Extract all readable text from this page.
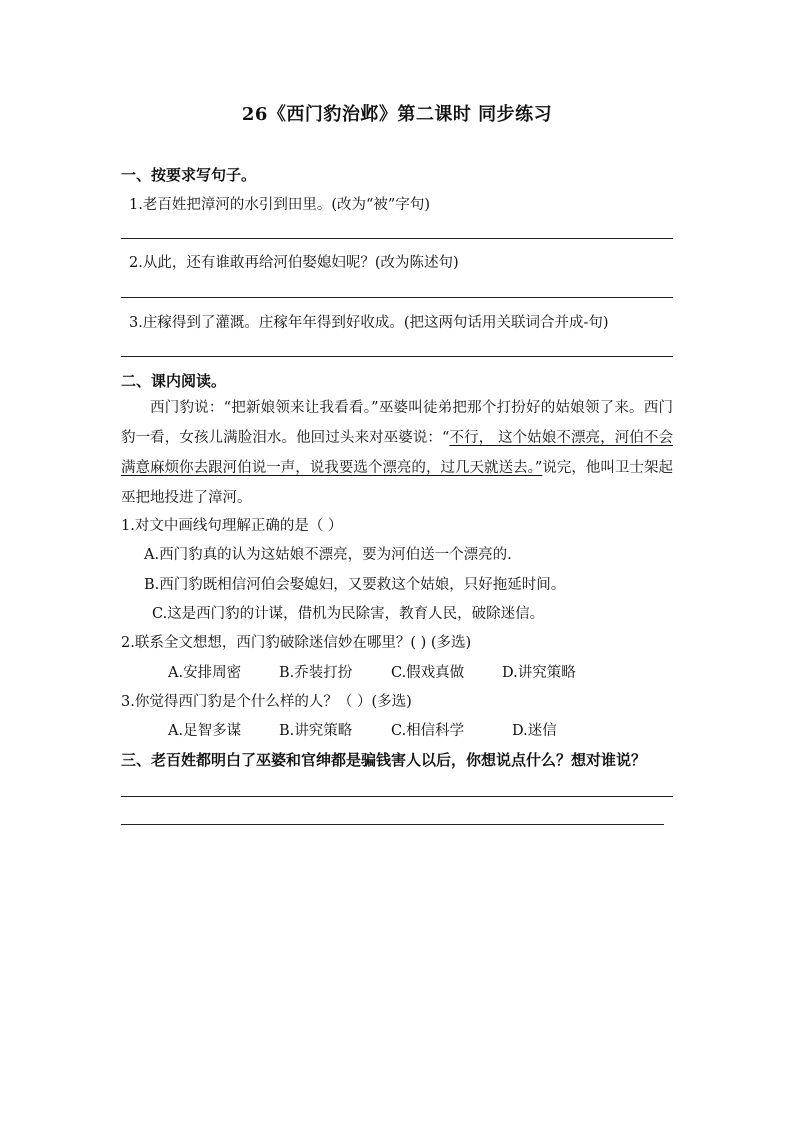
26《西门豹治邺》第二课时 同步练习
一、按要求写句子。
1.老百姓把漳河的水引到田里。(改为“被”字句)
2.从此，还有谁敢再给河伯娶媳妇呢？(改为陈述句)
3.庄稼得到了灌溉。庄稼年年得到好收成。(把这两句话用关联词合并成-句)
二、课内阅读。
西门豹说：“把新娘领来让我看看。”巫婆叫徒弟把那个打扮好的姑娘领了来。西门豹一看，女孩儿满脸泪水。他回过头来对巫婆说：“不行， 这个姑娘不漂亮，河伯不会满意麻烦你去跟河伯说一声，说我要选个漂亮的，过几天就送去。”说完，他叫卫士架起巫把地投进了漳河。
1.对文中画线句理解正确的是（ ）
A.西门豹真的认为这姑娘不漂亮，要为河伯送一个漂亮的.
B.西门豹既相信河伯会娶媳妇，又要救这个姑娘，只好拖延时间。
C.这是西门豹的计谋，借机为民除害，教育人民，破除迷信。
2.联系全文想想，西门豹破除迷信妙在哪里？( ) (多选)
A.安排周密	B.乔装打扮	C.假戏真做	D.讲究策略
3.你觉得西门豹是个什么样的人？（ ）(多选)
A.足智多谋	B.讲究策略	C.相信科学	D.迷信
三、老百姓都明白了巫婆和官绅都是骗钱害人以后，你想说点什么？想对谁说？
